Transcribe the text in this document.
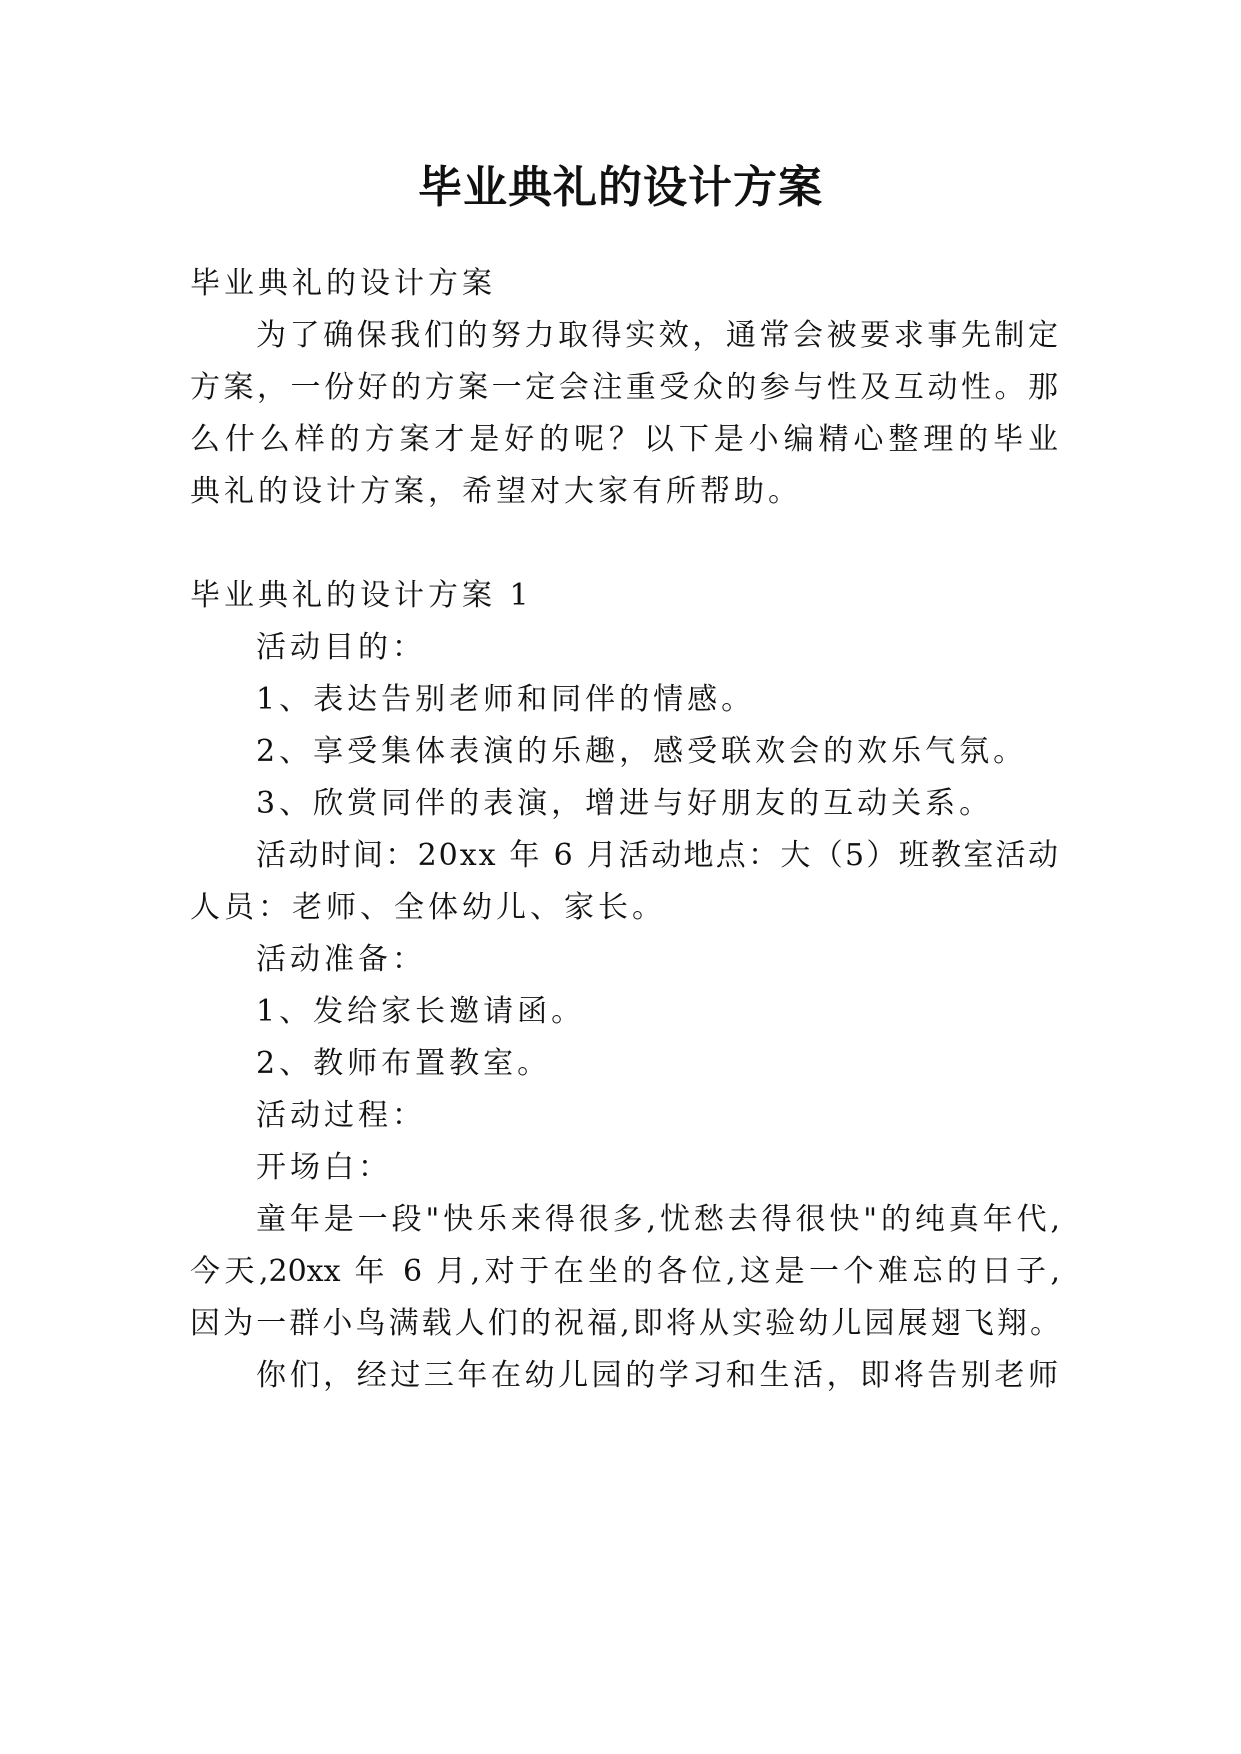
毕业典礼的设计方案
毕业典礼的设计方案
为了确保我们的努力取得实效，通常会被要求事先制定
方案，一份好的方案一定会注重受众的参与性及互动性。那
么什么样的方案才是好的呢？以下是小编精心整理的毕业
典礼的设计方案，希望对大家有所帮助。
毕业典礼的设计方案 1
活动目的：
1、表达告别老师和同伴的情感。
2、享受集体表演的乐趣，感受联欢会的欢乐气氛。
3、欣赏同伴的表演，增进与好朋友的互动关系。
活动时间：20xx 年 6 月活动地点：大（5）班教室活动
人员：老师、全体幼儿、家长。
活动准备：
1、发给家长邀请函。
2、教师布置教室。
活动过程：
开场白：
童年是一段"快乐来得很多,忧愁去得很快"的纯真年代,
今天,20xx 年 6 月,对于在坐的各位,这是一个难忘的日子,
因为一群小鸟满载人们的祝福,即将从实验幼儿园展翅飞翔。
你们，经过三年在幼儿园的学习和生活，即将告别老师
